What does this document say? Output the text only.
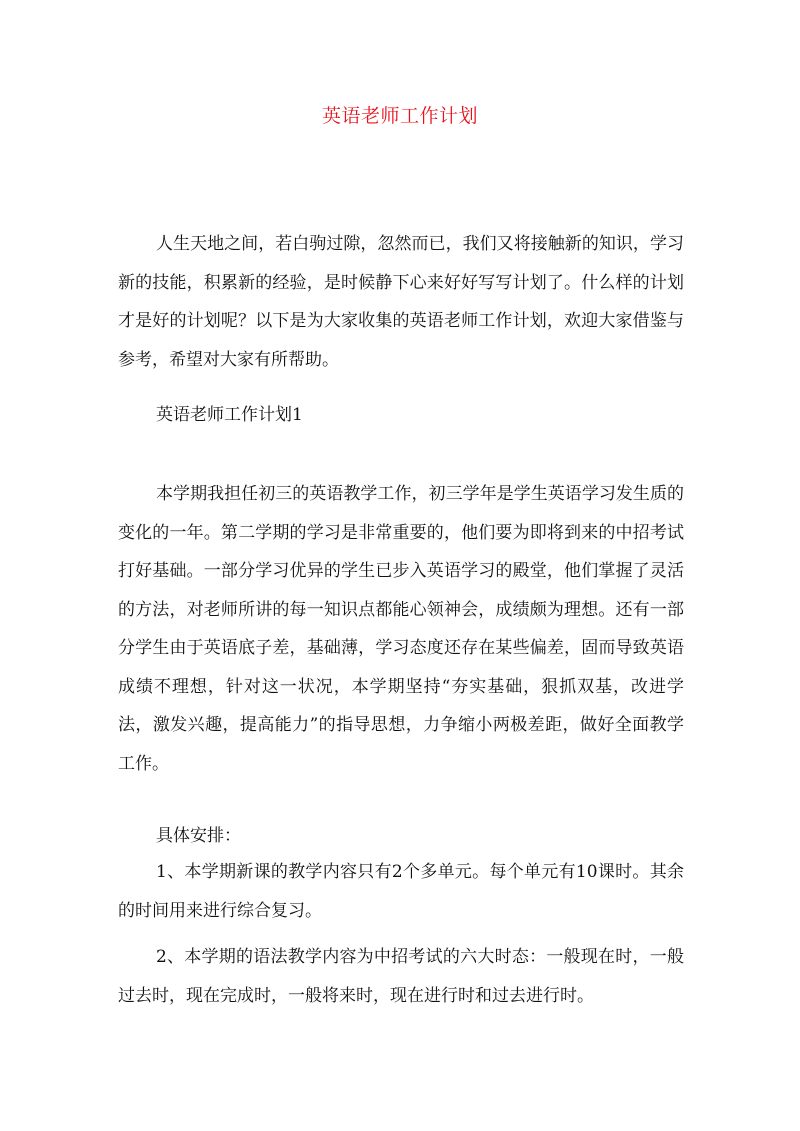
英语老师工作计划

人生天地之间，若白驹过隙，忽然而已，我们又将接触新的知识，学习新的技能，积累新的经验，是时候静下心来好好写写计划了。什么样的计划才是好的计划呢？以下是为大家收集的英语老师工作计划，欢迎大家借鉴与参考，希望对大家有所帮助。

英语老师工作计划1

本学期我担任初三的英语教学工作，初三学年是学生英语学习发生质的变化的一年。第二学期的学习是非常重要的，他们要为即将到来的中招考试打好基础。一部分学习优异的学生已步入英语学习的殿堂，他们掌握了灵活的方法，对老师所讲的每一知识点都能心领神会，成绩颇为理想。还有一部分学生由于英语底子差，基础薄，学习态度还存在某些偏差，固而导致英语成绩不理想，针对这一状况，本学期坚持“夯实基础，狠抓双基，改进学法，激发兴趣，提高能力”的指导思想，力争缩小两极差距，做好全面教学工作。

具体安排：

1、本学期新课的教学内容只有2个多单元。每个单元有10课时。其余的时间用来进行综合复习。

2、本学期的语法教学内容为中招考试的六大时态：一般现在时，一般过去时，现在完成时，一般将来时，现在进行时和过去进行时。
